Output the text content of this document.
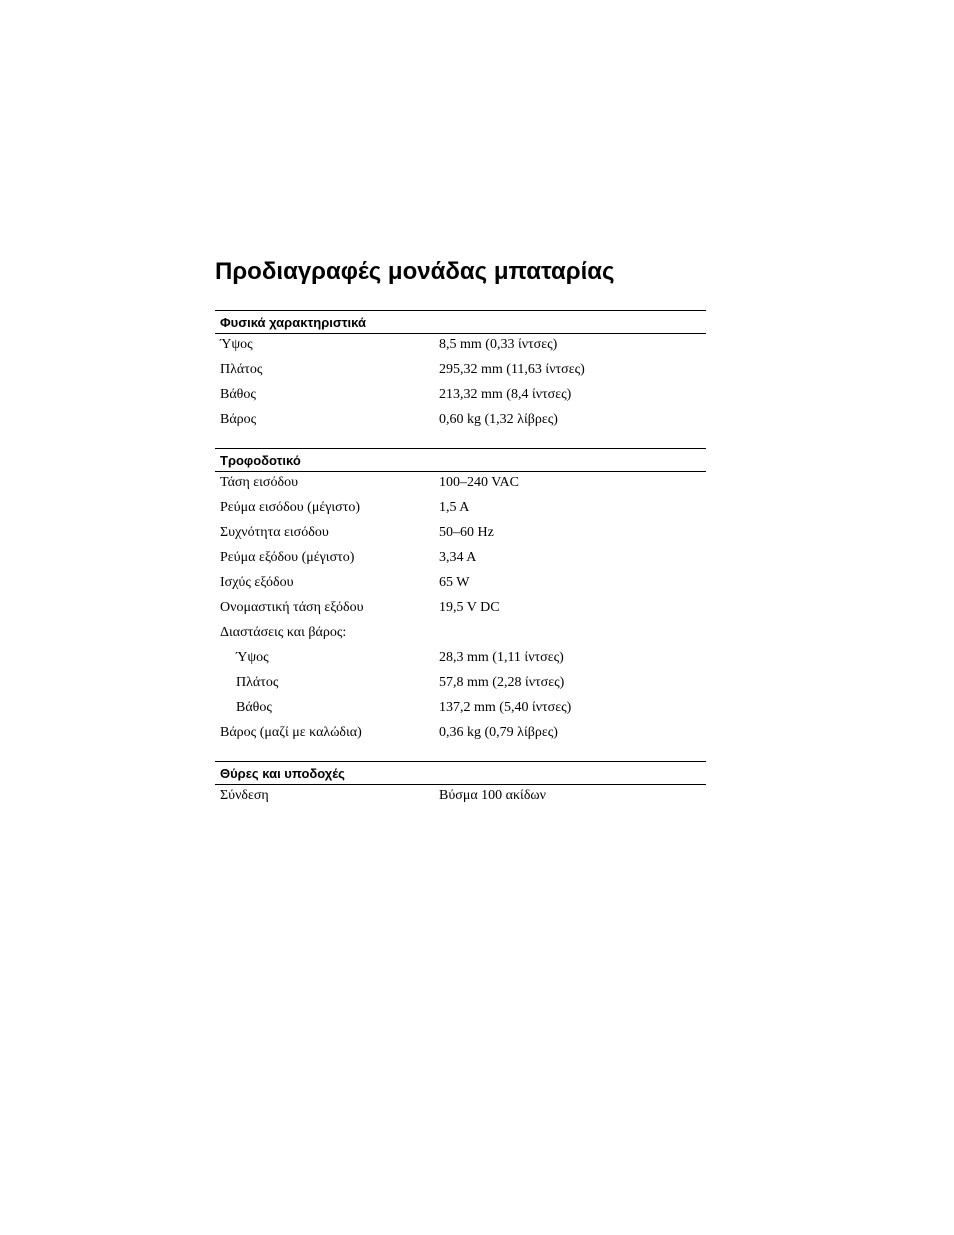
Προδιαγραφές μονάδας μπαταρίας
Φυσικά χαρακτηριστικά
Ύψος	8,5 mm (0,33 ίντσες)
Πλάτος	295,32 mm (11,63 ίντσες)
Βάθος	213,32 mm (8,4 ίντσες)
Βάρος	0,60 kg (1,32 λίβρες)
Τροφοδοτικό
Τάση εισόδου	100–240 VAC
Ρεύμα εισόδου (μέγιστο)	1,5 A
Συχνότητα εισόδου	50–60 Hz
Ρεύμα εξόδου (μέγιστο)	3,34 A
Ισχύς εξόδου	65 W
Ονομαστική τάση εξόδου	19,5 V DC
Διαστάσεις και βάρος:
Ύψος	28,3 mm (1,11 ίντσες)
Πλάτος	57,8 mm (2,28 ίντσες)
Βάθος	137,2 mm (5,40 ίντσες)
Βάρος (μαζί με καλώδια)	0,36 kg (0,79 λίβρες)
Θύρες και υποδοχές
Σύνδεση	Βύσμα 100 ακίδων
